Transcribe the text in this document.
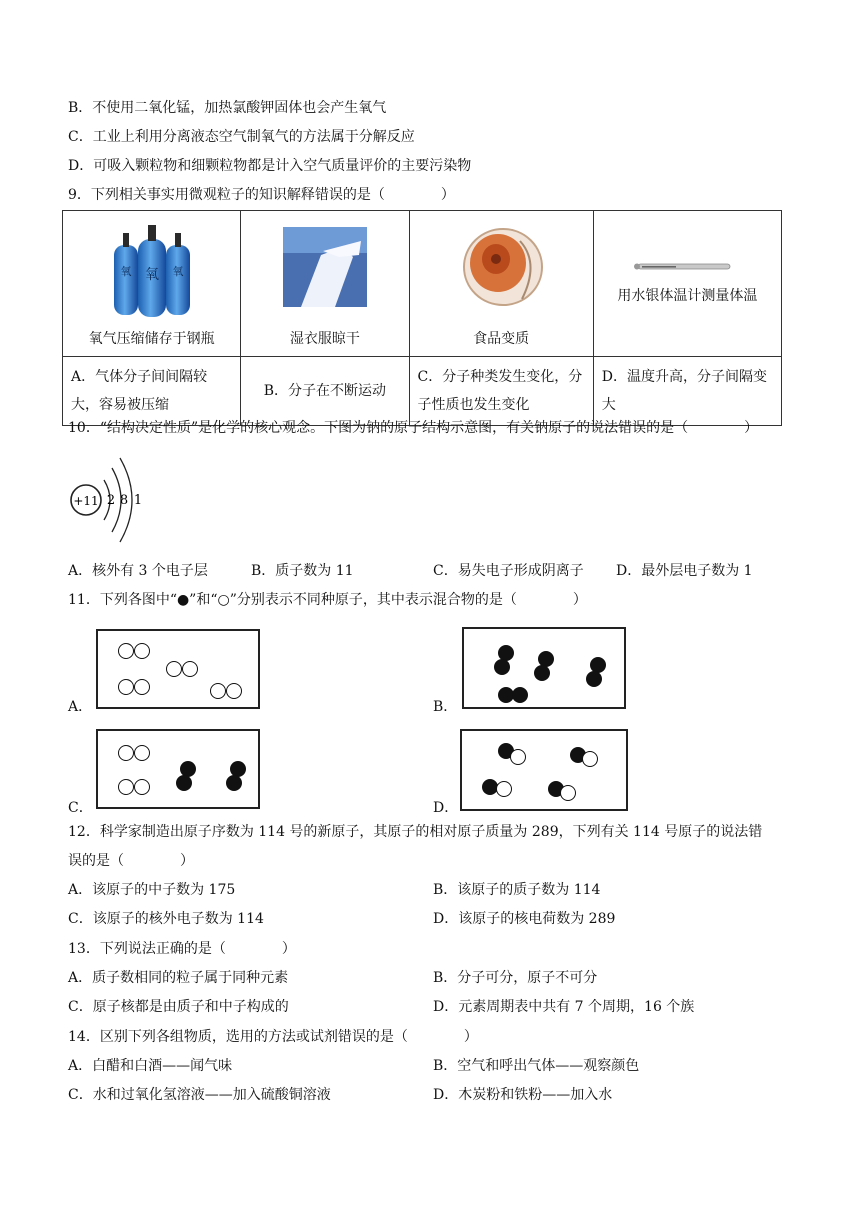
B．不使用二氧化锰，加热氯酸钾固体也会产生氧气
C．工业上利用分离液态空气制氧气的方法属于分解反应
D．可吸入颗粒物和细颗粒物都是计入空气质量评价的主要污染物
9．下列相关事实用微观粒子的知识解释错误的是（　　　　）
氧
氧 氧
氧气压缩储存于钢瓶	湿衣服晾干	食品变质	用水银体温计测量体温

A．气体分子间间隔较大，容易被压缩	B．分子在不断运动	C．分子种类发生变化，分子性质也发生变化	D．温度升高，分子间隔变大
10．“结构决定性质”是化学的核心观念。下图为钠的原子结构示意图，有关钠原子的说法错误的是（　　　　）
+11 2 8 1
A．核外有 3 个电子层	B．质子数为 11	C．易失电子形成阴离子 D．最外层电子数为 1
11．下列各图中“●”和“○”分别表示不同种原子，其中表示混合物的是（　　　　）
A．	B．
C．	D．
12．科学家制造出原子序数为 114 号的新原子，其原子的相对原子质量为 289，下列有关 114 号原子的说法错
误的是（　　　　）
A．该原子的中子数为 175	B．该原子的质子数为 114
C．该原子的核外电子数为 114	D．该原子的核电荷数为 289
13．下列说法正确的是（　　　　）
A．质子数相同的粒子属于同种元素	B．分子可分，原子不可分
C．原子核都是由质子和中子构成的	D．元素周期表中共有 7 个周期，16 个族
14．区别下列各组物质，选用的方法或试剂错误的是（　　　　）
A．白醋和白酒——闻气味	B．空气和呼出气体——观察颜色
C．水和过氧化氢溶液——加入硫酸铜溶液	D．木炭粉和铁粉——加入水
